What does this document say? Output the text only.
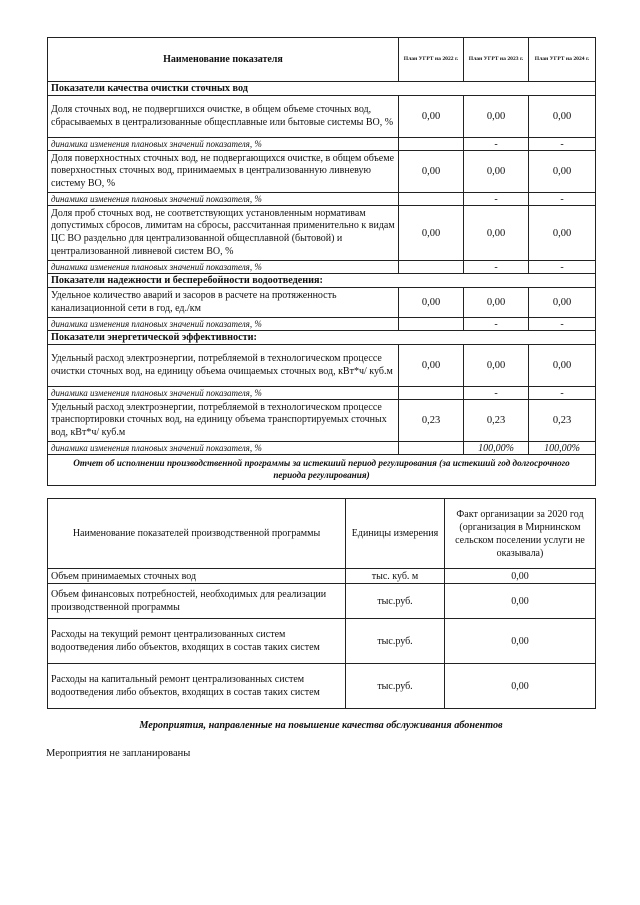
Наименование показателя	План УГРТ на 2022 г.	План УГРТ на 2023 г.	План УГРТ на 2024 г.
Показатели качества очистки сточных вод			
Доля сточных вод, не подвергшихся очистке, в общем объеме сточных вод, сбрасываемых в централизованные общесплавные или бытовые системы ВО, %	0,00	0,00	0,00
динамика изменения плановых значений показателя, %		-	-
Доля поверхностных сточных вод, не подвергающихся очистке, в общем объеме поверхностных сточных вод, принимаемых в централизованную ливневую систему ВО, %	0,00	0,00	0,00
динамика изменения плановых значений показателя, %		-	-
Доля проб сточных вод, не соответствующих установленным нормативам допустимых сбросов, лимитам на сбросы, рассчитанная применительно к видам ЦС ВО раздельно для централизованной общесплавной (бытовой) и централизованной ливневой систем ВО, %	0,00	0,00	0,00
динамика изменения плановых значений показателя, %		-	-
Показатели надежности и бесперебойности водоотведения:			
Удельное количество аварий и засоров в расчете на протяженность канализационной сети в год, ед./км	0,00	0,00	0,00
динамика изменения плановых значений показателя, %		-	-
Показатели энергетической эффективности:			
Удельный расход электроэнергии, потребляемой в технологическом процессе очистки сточных вод, на единицу объема очищаемых сточных вод, кВт*ч/ куб.м	0,00	0,00	0,00
динамика изменения плановых значений показателя, %		-	-
Удельный расход электроэнергии, потребляемой в технологическом процессе транспортировки сточных вод, на единицу объема транспортируемых сточных вод, кВт*ч/ куб.м	0,23	0,23	0,23
динамика изменения плановых значений показателя, %		100,00%	100,00%
Отчет об исполнении производственной программы за истекший период регулирования (за истекший год долгосрочного периода регулирования)			
Наименование показателей производственной программы	Единицы измерения	Факт организации за 2020 год (организация в Мирнинском сельском поселении услуги не оказывала)
Объем принимаемых сточных вод	тыс. куб. м	0,00
Объем финансовых потребностей, необходимых для реализации производственной программы	тыс.руб.	0,00
Расходы на текущий ремонт централизованных систем водоотведения либо объектов, входящих в состав таких систем	тыс.руб.	0,00
Расходы на капитальный ремонт централизованных систем водоотведения либо объектов, входящих в состав таких систем	тыс.руб.	0,00
Мероприятия, направленные на повышение качества обслуживания абонентов
Мероприятия не запланированы
